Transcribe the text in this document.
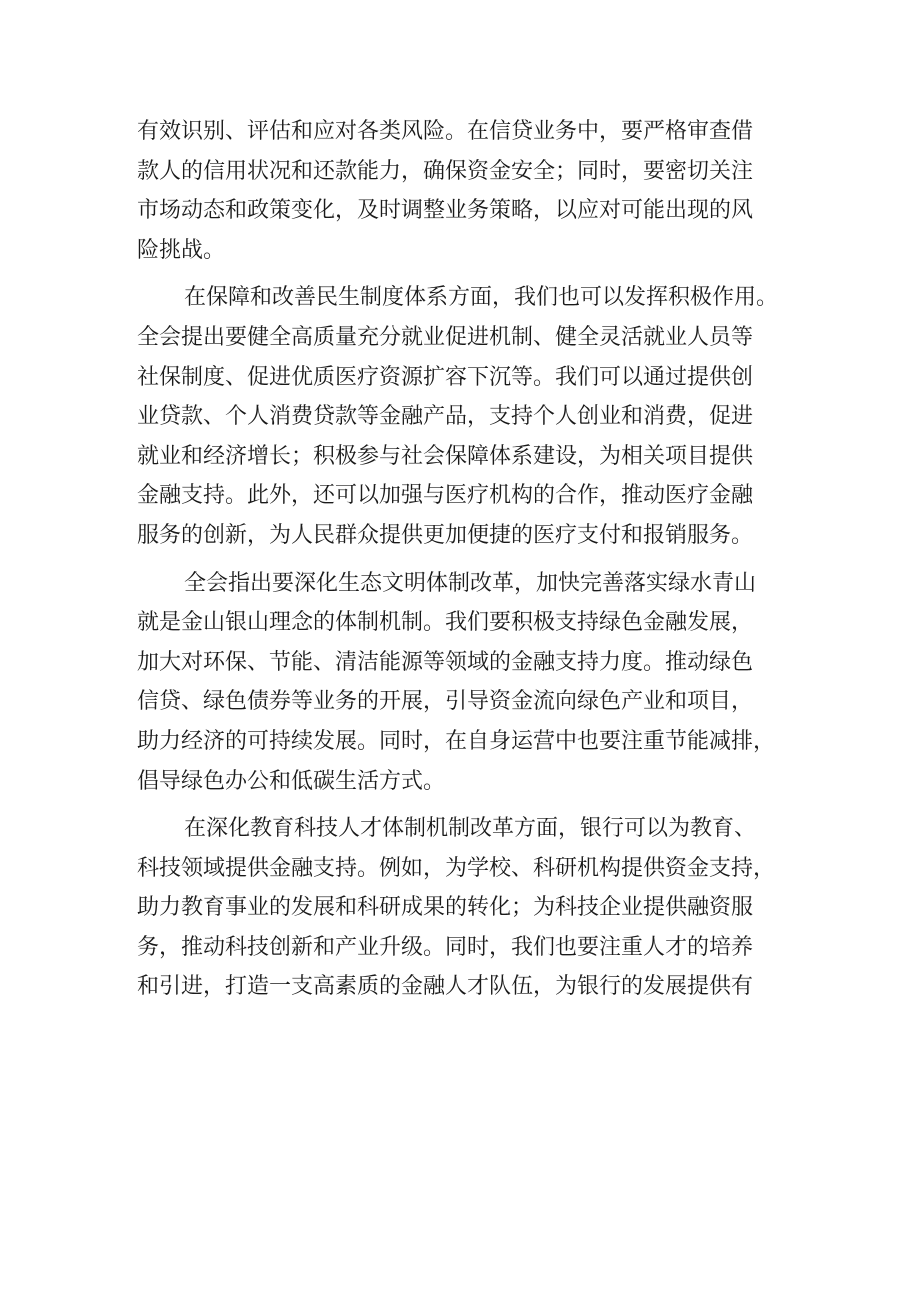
有效识别、评估和应对各类风险。在信贷业务中，要严格审查借
款人的信用状况和还款能力，确保资金安全；同时，要密切关注
市场动态和政策变化，及时调整业务策略，以应对可能出现的风
险挑战。
在保障和改善民生制度体系方面，我们也可以发挥积极作用。
全会提出要健全高质量充分就业促进机制、健全灵活就业人员等
社保制度、促进优质医疗资源扩容下沉等。我们可以通过提供创
业贷款、个人消费贷款等金融产品，支持个人创业和消费，促进
就业和经济增长；积极参与社会保障体系建设，为相关项目提供
金融支持。此外，还可以加强与医疗机构的合作，推动医疗金融
服务的创新，为人民群众提供更加便捷的医疗支付和报销服务。
全会指出要深化生态文明体制改革，加快完善落实绿水青山
就是金山银山理念的体制机制。我们要积极支持绿色金融发展，
加大对环保、节能、清洁能源等领域的金融支持力度。推动绿色
信贷、绿色债券等业务的开展，引导资金流向绿色产业和项目，
助力经济的可持续发展。同时，在自身运营中也要注重节能减排，
倡导绿色办公和低碳生活方式。
在深化教育科技人才体制机制改革方面，银行可以为教育、
科技领域提供金融支持。例如，为学校、科研机构提供资金支持，
助力教育事业的发展和科研成果的转化；为科技企业提供融资服
务，推动科技创新和产业升级。同时，我们也要注重人才的培养
和引进，打造一支高素质的金融人才队伍，为银行的发展提供有
